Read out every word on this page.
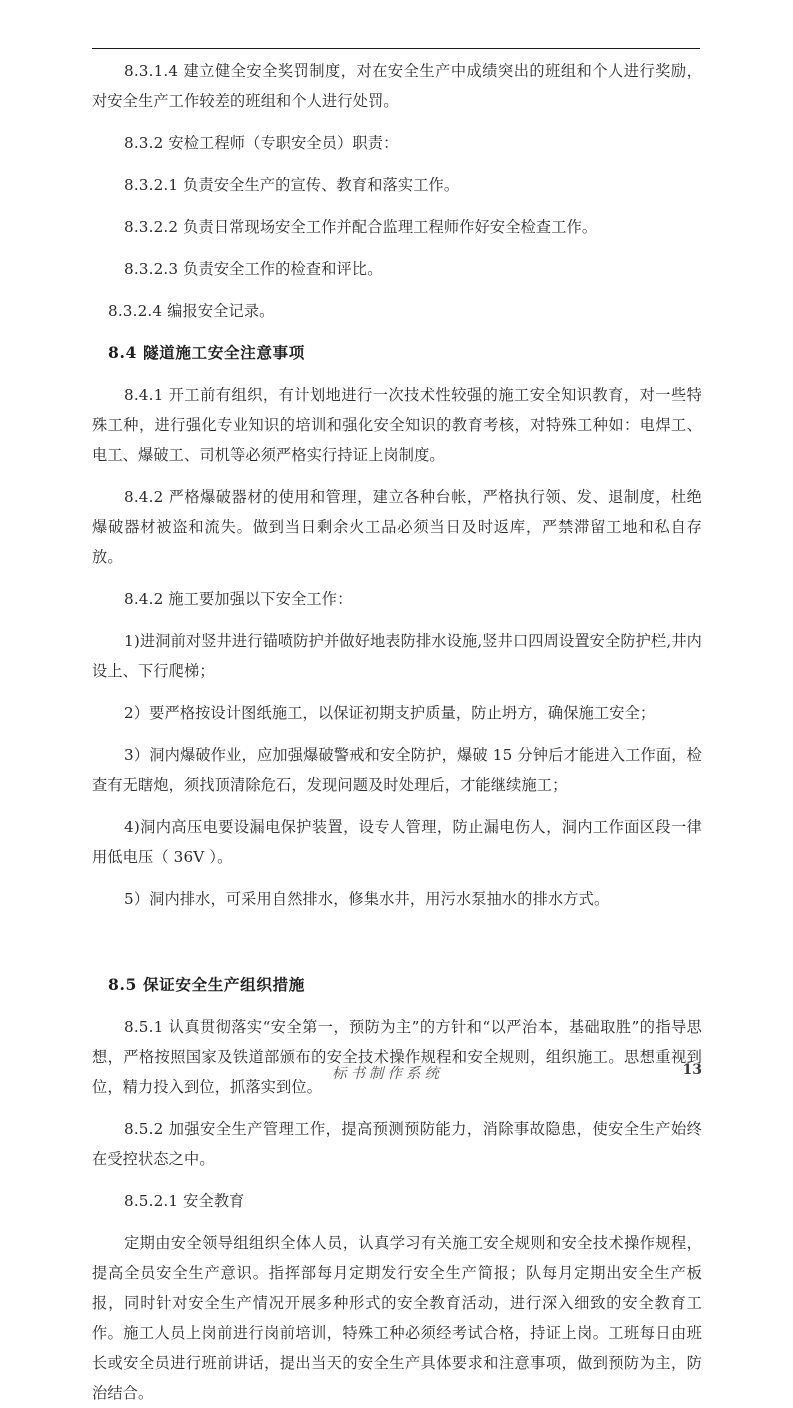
8.3.1.4 建立健全安全奖罚制度，对在安全生产中成绩突出的班组和个人进行奖励，对安全生产工作较差的班组和个人进行处罚。

8.3.2 安检工程师（专职安全员）职责：

8.3.2.1 负责安全生产的宣传、教育和落实工作。

8.3.2.2 负责日常现场安全工作并配合监理工程师作好安全检查工作。

8.3.2.3 负责安全工作的检查和评比。

8.3.2.4 编报安全记录。

8.4 隧道施工安全注意事项

8.4.1 开工前有组织，有计划地进行一次技术性较强的施工安全知识教育，对一些特殊工种，进行强化专业知识的培训和强化安全知识的教育考核，对特殊工种如：电焊工、电工、爆破工、司机等必须严格实行持证上岗制度。

8.4.2 严格爆破器材的使用和管理，建立各种台帐，严格执行领、发、退制度，杜绝爆破器材被盗和流失。做到当日剩余火工品必须当日及时返库，严禁滞留工地和私自存放。

8.4.2 施工要加强以下安全工作：

1)进洞前对竖井进行锚喷防护并做好地表防排水设施,竖井口四周设置安全防护栏,井内设上、下行爬梯；

2）要严格按设计图纸施工，以保证初期支护质量，防止坍方，确保施工安全；

3）洞内爆破作业，应加强爆破警戒和安全防护，爆破 15 分钟后才能进入工作面，检查有无瞎炮，须找顶清除危石，发现问题及时处理后，才能继续施工；

4)洞内高压电要设漏电保护装置，设专人管理，防止漏电伤人，洞内工作面区段一律用低电压（ 36V ）。

5）洞内排水，可采用自然排水，修集水井，用污水泵抽水的排水方式。

8.5 保证安全生产组织措施

8.5.1 认真贯彻落实“安全第一，预防为主”的方针和“以严治本，基础取胜”的指导思想，严格按照国家及铁道部颁布的安全技术操作规程和安全规则，组织施工。思想重视到位，精力投入到位，抓落实到位。

8.5.2 加强安全生产管理工作，提高预测预防能力，消除事故隐患，使安全生产始终在受控状态之中。

8.5.2.1 安全教育

定期由安全领导组组织全体人员，认真学习有关施工安全规则和安全技术操作规程，提高全员安全生产意识。指挥部每月定期发行安全生产简报；队每月定期出安全生产板报，同时针对安全生产情况开展多种形式的安全教育活动，进行深入细致的安全教育工作。施工人员上岗前进行岗前培训，特殊工种必须经考试合格，持证上岗。工班每日由班长或安全员进行班前讲话，提出当天的安全生产具体要求和注意事项，做到预防为主，防治结合。

标书制作系统	13
